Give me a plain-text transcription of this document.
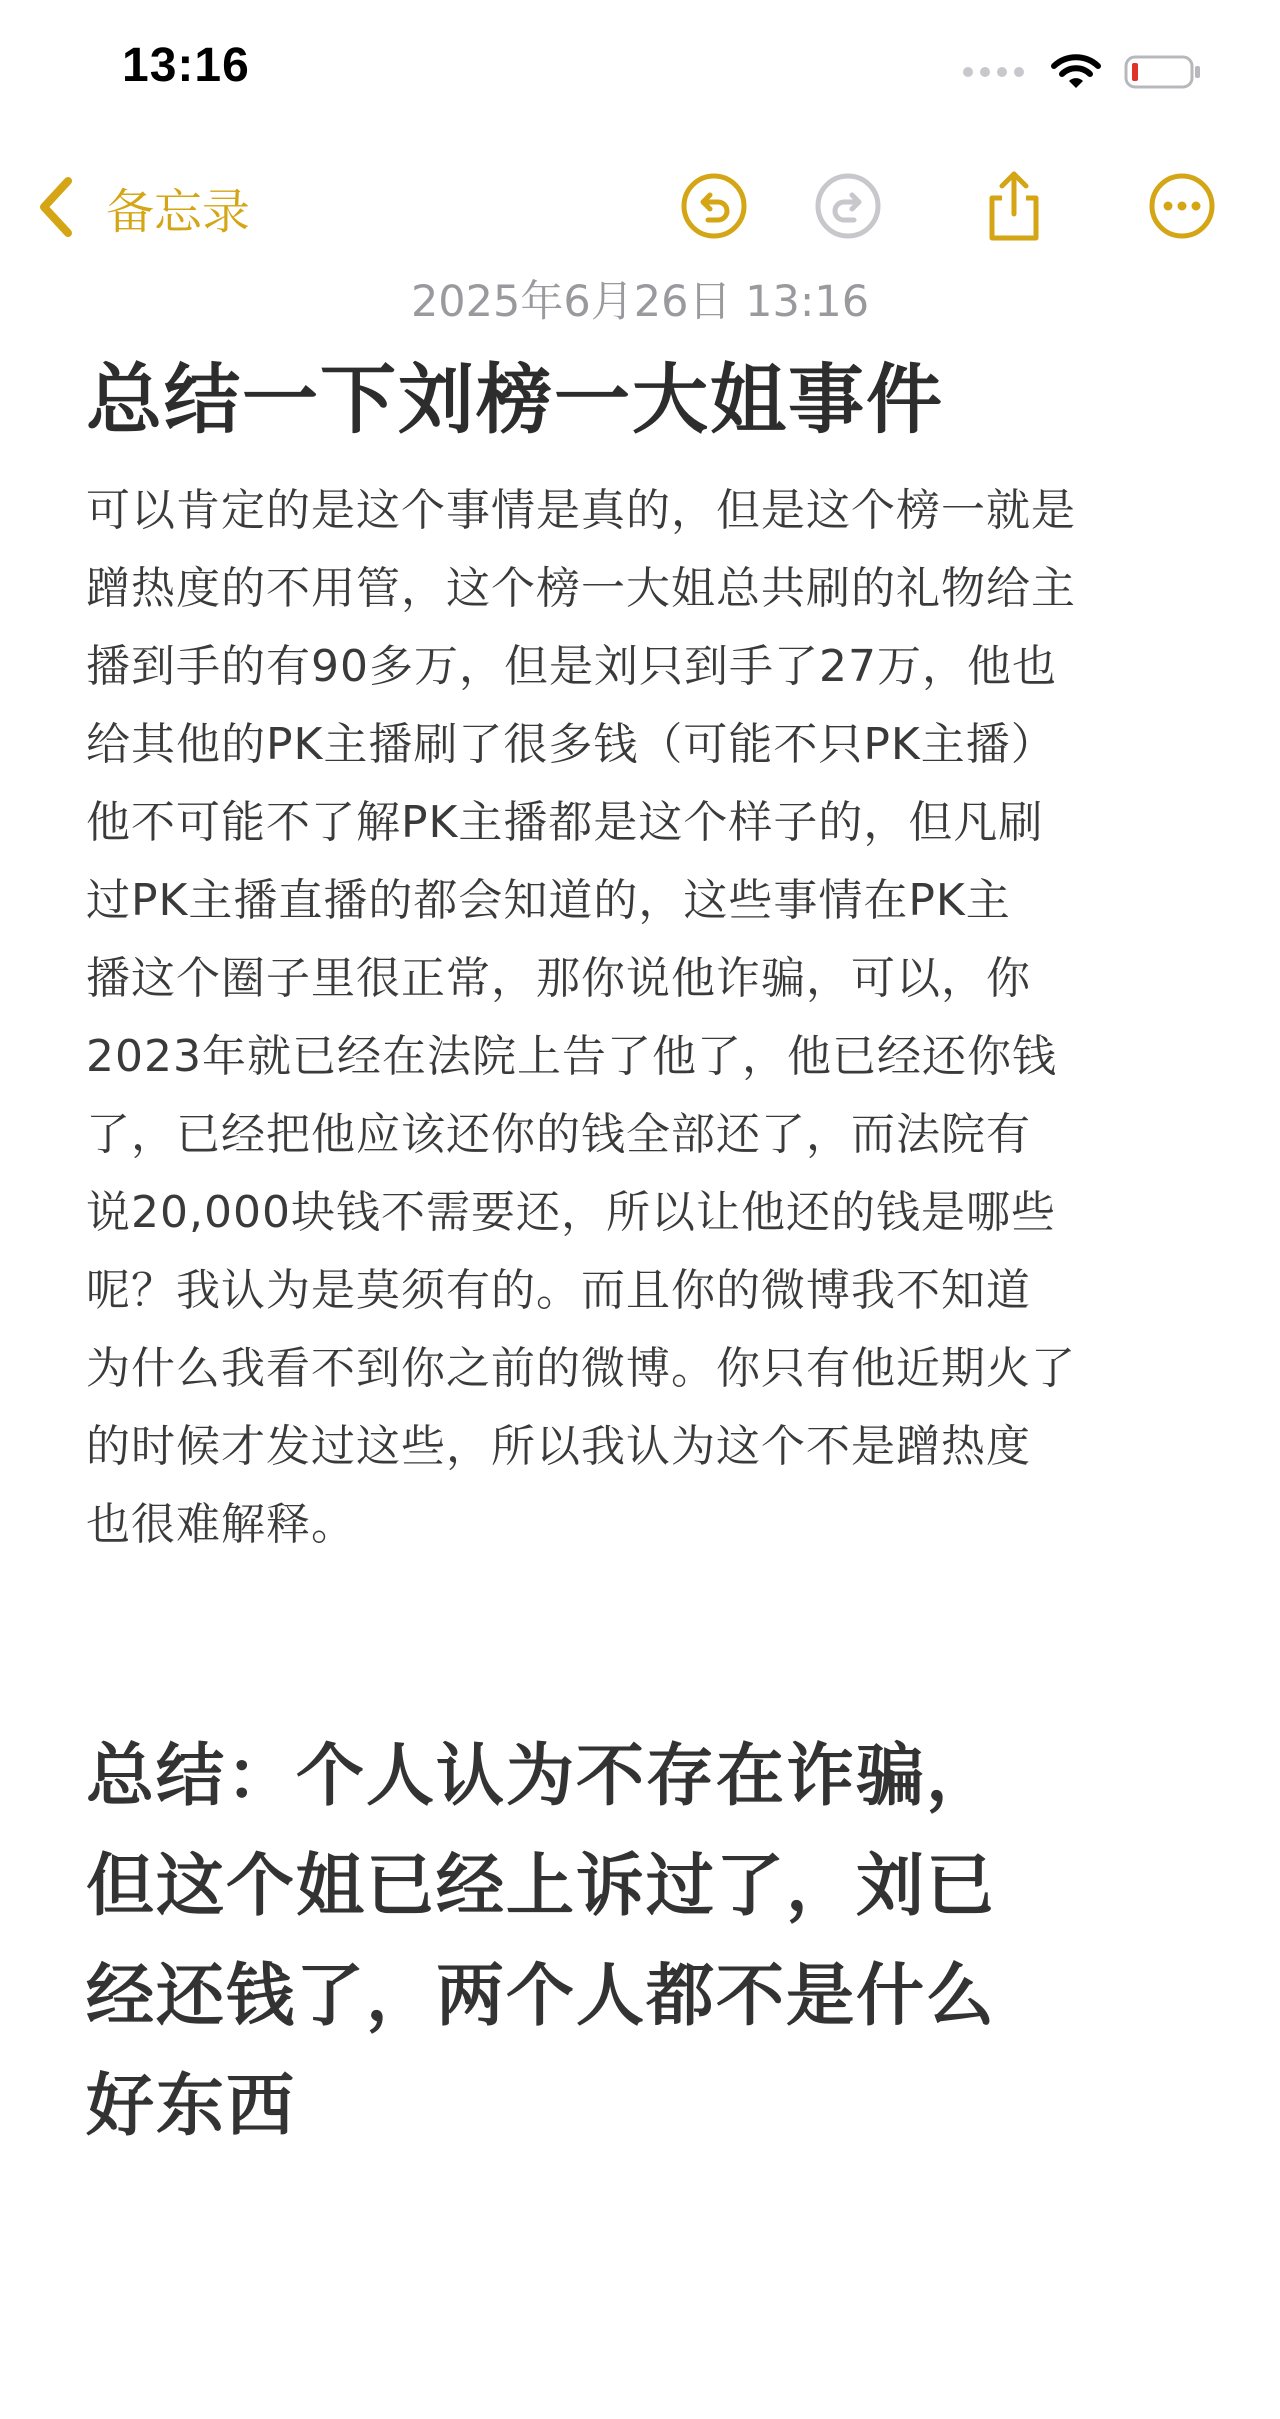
13:16
备忘录
2025年6月26日 13:16
总结一下刘榜一大姐事件
可以肯定的是这个事情是真的，但是这个榜一就是
蹭热度的不用管，这个榜一大姐总共刷的礼物给主
播到手的有90多万，但是刘只到手了27万，他也
给其他的PK主播刷了很多钱（可能不只PK主播）
他不可能不了解PK主播都是这个样子的，但凡刷
过PK主播直播的都会知道的，这些事情在PK主
播这个圈子里很正常，那你说他诈骗，可以，你
2023年就已经在法院上告了他了，他已经还你钱
了，已经把他应该还你的钱全部还了，而法院有
说20,000块钱不需要还，所以让他还的钱是哪些
呢？我认为是莫须有的。而且你的微博我不知道
为什么我看不到你之前的微博。你只有他近期火了
的时候才发过这些，所以我认为这个不是蹭热度
也很难解释。
总结：个人认为不存在诈骗，
但这个姐已经上诉过了，刘已
经还钱了，两个人都不是什么
好东西
